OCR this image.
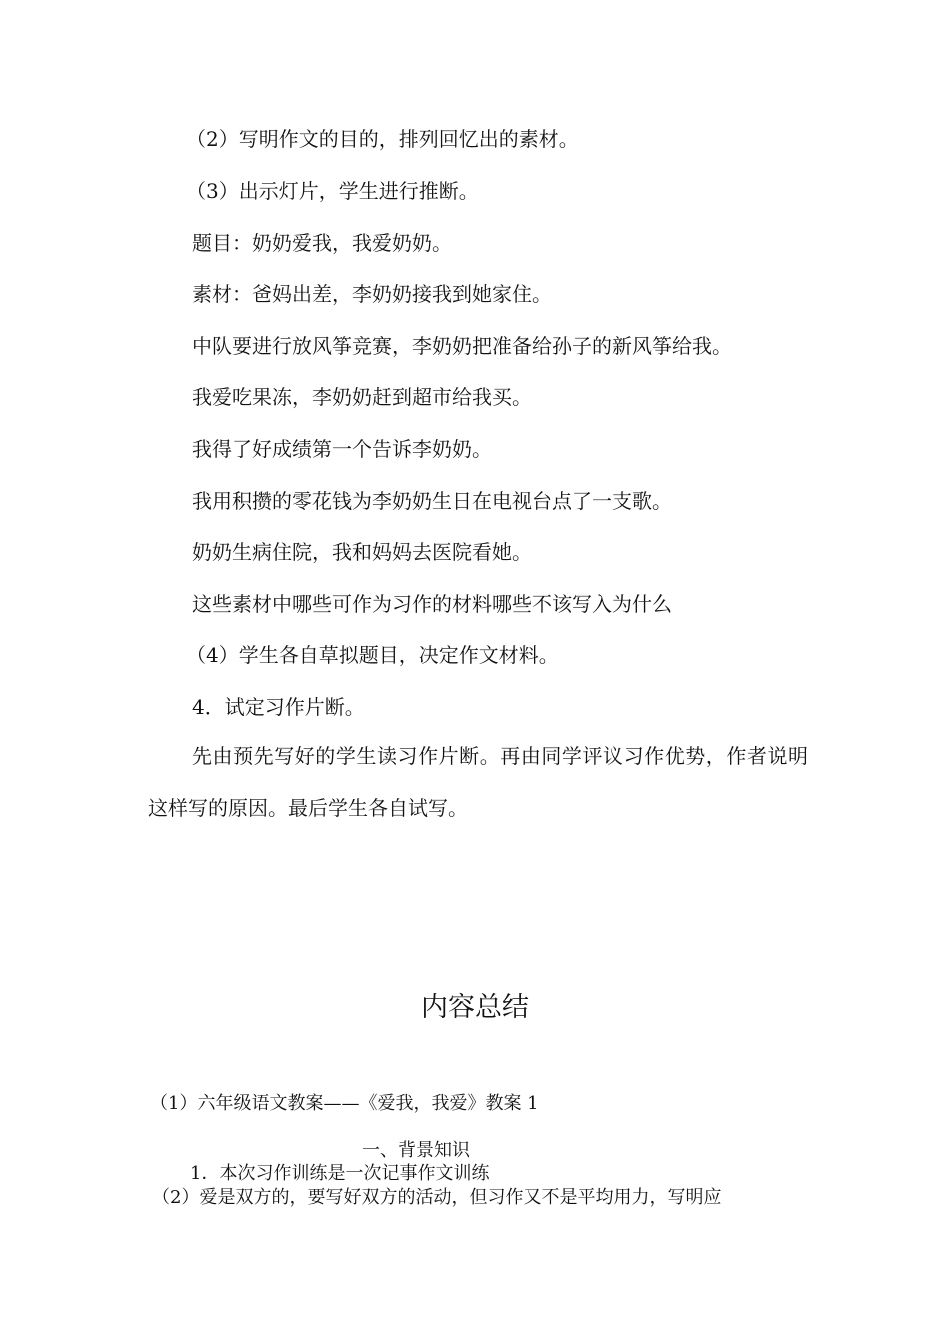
（2）写明作文的目的，排列回忆出的素材。
（3）出示灯片，学生进行推断。
题目：奶奶爱我，我爱奶奶。
素材：爸妈出差，李奶奶接我到她家住。
中队要进行放风筝竞赛，李奶奶把准备给孙子的新风筝给我。
我爱吃果冻，李奶奶赶到超市给我买。
我得了好成绩第一个告诉李奶奶。
我用积攒的零花钱为李奶奶生日在电视台点了一支歌。
奶奶生病住院，我和妈妈去医院看她。
这些素材中哪些可作为习作的材料哪些不该写入为什么
（4）学生各自草拟题目，决定作文材料。
4．试定习作片断。
先由预先写好的学生读习作片断。再由同学评议习作优势，作者说明这样写的原因。最后学生各自试写。
内容总结
（1）六年级语文教案——《爱我，我爱》教案 1
一、背景知识
1．本次习作训练是一次记事作文训练
（2）爱是双方的，要写好双方的活动，但习作又不是平均用力，写明应
